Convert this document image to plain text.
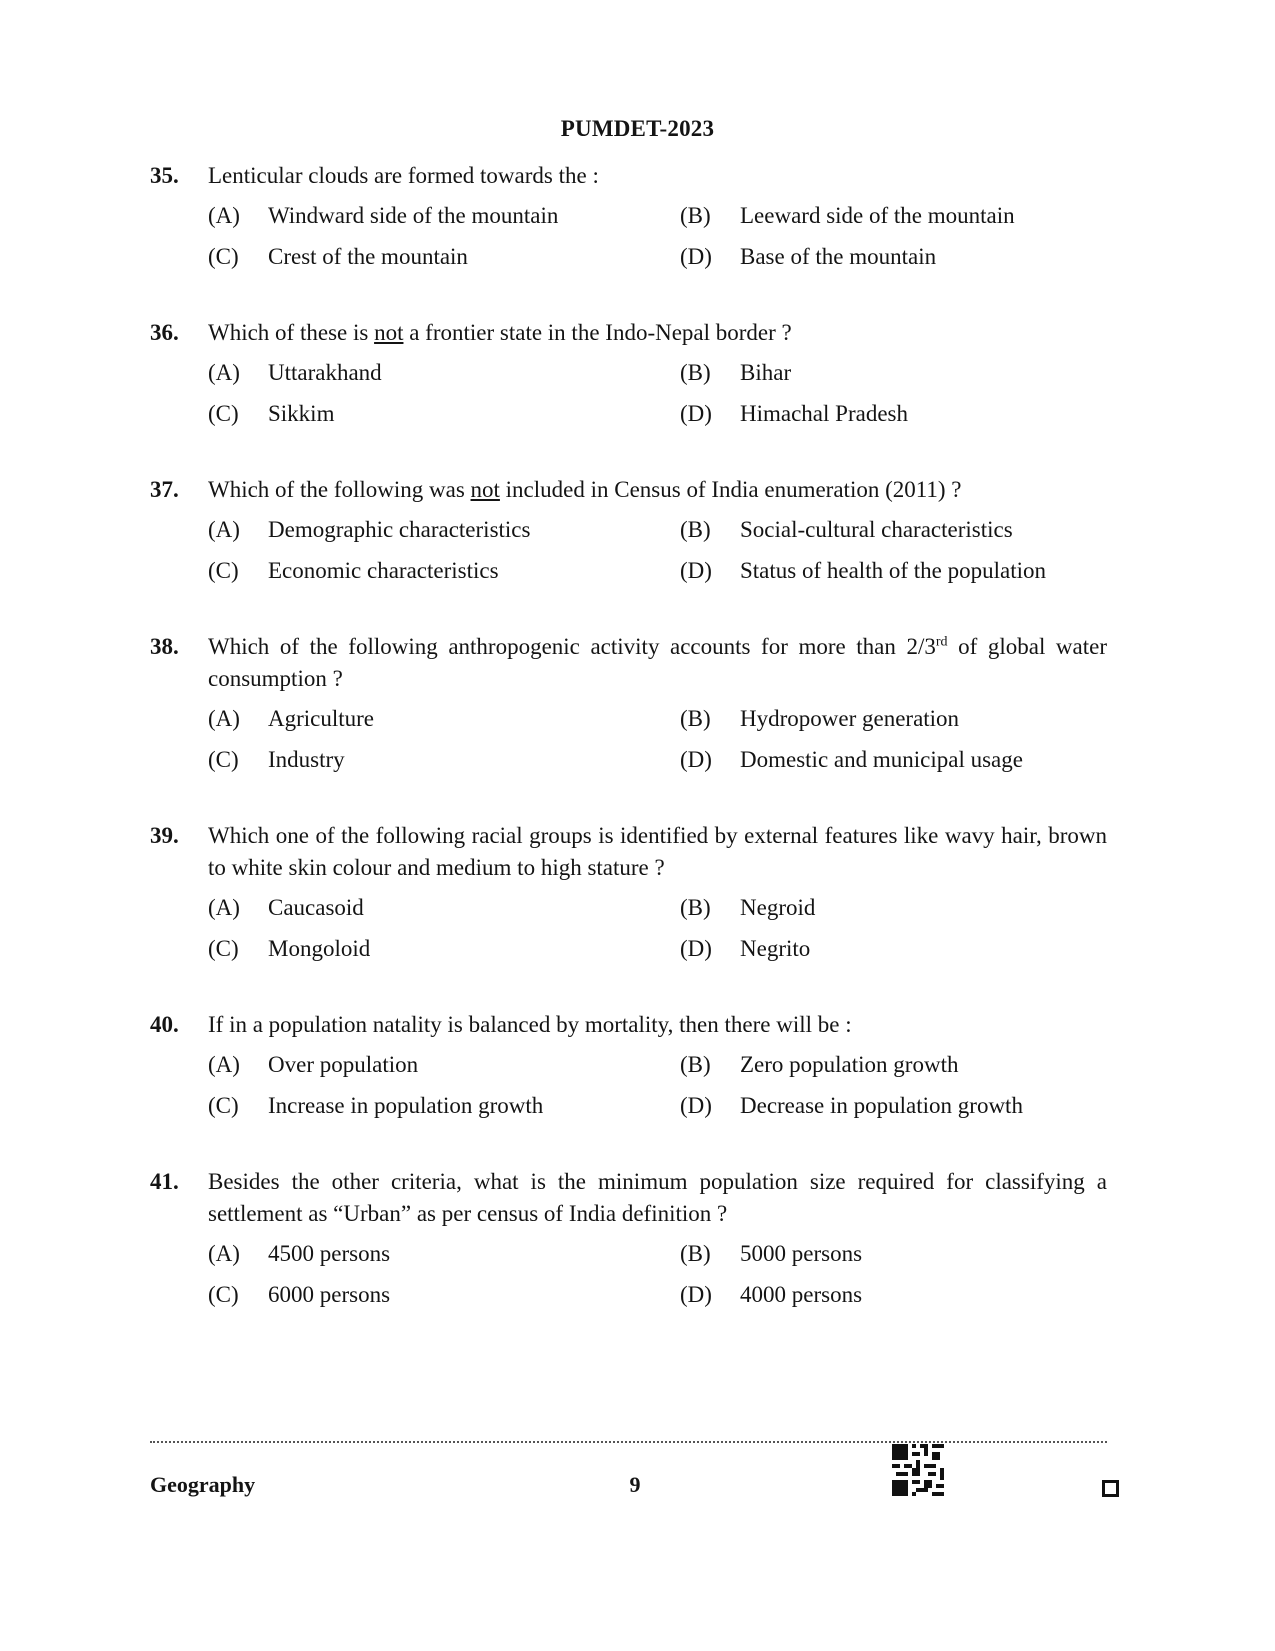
PUMDET-2023
35.	Lenticular clouds are formed towards the :
(A)	Windward side of the mountain	(B)	Leeward side of the mountain
(C)	Crest of the mountain	(D)	Base of the mountain
36.	Which of these is not a frontier state in the Indo-Nepal border ?
(A)	Uttarakhand	(B)	Bihar
(C)	Sikkim	(D)	Himachal Pradesh
37.	Which of the following was not included in Census of India enumeration (2011) ?
(A)	Demographic characteristics	(B)	Social-cultural characteristics
(C)	Economic characteristics	(D)	Status of health of the population
38.	Which of the following anthropogenic activity accounts for more than 2/3rd of global water consumption ?
(A)	Agriculture	(B)	Hydropower generation
(C)	Industry	(D)	Domestic and municipal usage
39.	Which one of the following racial groups is identified by external features like wavy hair, brown to white skin colour and medium to high stature ?
(A)	Caucasoid	(B)	Negroid
(C)	Mongoloid	(D)	Negrito
40.	If in a population natality is balanced by mortality, then there will be :
(A)	Over population	(B)	Zero population growth
(C)	Increase in population growth	(D)	Decrease in population growth
41.	Besides the other criteria, what is the minimum population size required for classifying a settlement as “Urban” as per census of India definition ?
(A)	4500 persons	(B)	5000 persons
(C)	6000 persons	(D)	4000 persons
Geography	9
